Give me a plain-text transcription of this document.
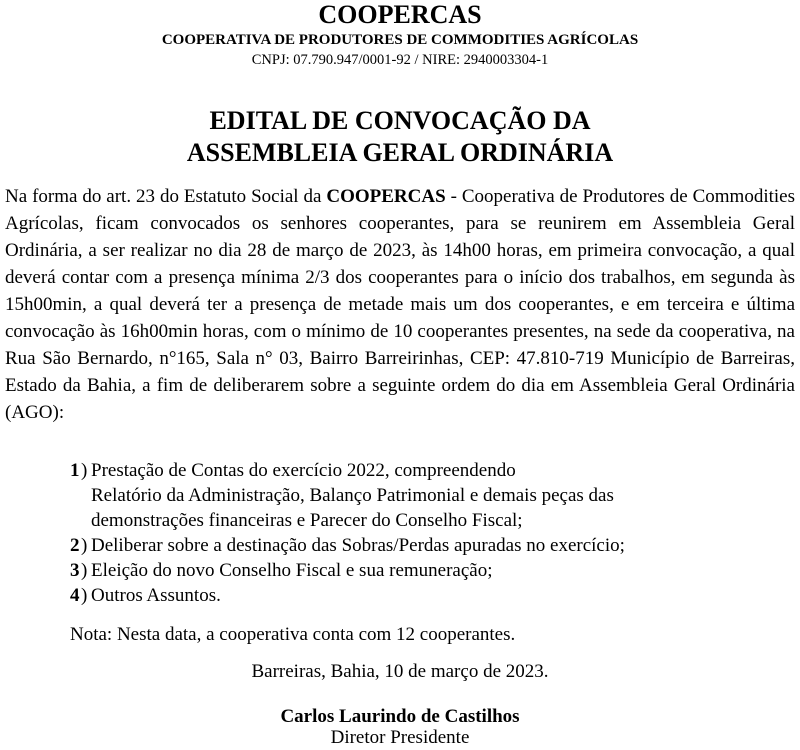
COOPERCAS
COOPERATIVA DE PRODUTORES DE COMMODITIES AGRÍCOLAS
CNPJ: 07.790.947/0001-92 / NIRE: 2940003304-1
EDITAL DE CONVOCAÇÃO DA
ASSEMBLEIA GERAL ORDINÁRIA
Na forma do art. 23 do Estatuto Social da COOPERCAS - Cooperativa de Produtores de Commodities Agrícolas, ficam convocados os senhores cooperantes, para se reunirem em Assembleia Geral Ordinária, a ser realizar no dia 28 de março de 2023, às 14h00 horas, em primeira convocação, a qual deverá contar com a presença mínima 2/3 dos cooperantes para o início dos trabalhos, em segunda às 15h00min, a qual deverá ter a presença de metade mais um dos cooperantes, e em terceira e última convocação às 16h00min horas, com o mínimo de 10 cooperantes presentes, na sede da cooperativa, na Rua São Bernardo, n°165, Sala n° 03, Bairro Barreirinhas, CEP: 47.810-719 Município de Barreiras, Estado da Bahia, a fim de deliberarem sobre a seguinte ordem do dia em Assembleia Geral Ordinária (AGO):
1 ) Prestação de Contas do exercício 2022, compreendendo
Relatório da Administração, Balanço Patrimonial e demais peças das
demonstrações financeiras e Parecer do Conselho Fiscal;
2 ) Deliberar sobre a destinação das Sobras/Perdas apuradas no exercício;
3 ) Eleição do novo Conselho Fiscal e sua remuneração;
4 ) Outros Assuntos.
Nota: Nesta data, a cooperativa conta com 12 cooperantes.
Barreiras, Bahia, 10 de março de 2023.
Carlos Laurindo de Castilhos
Diretor Presidente
